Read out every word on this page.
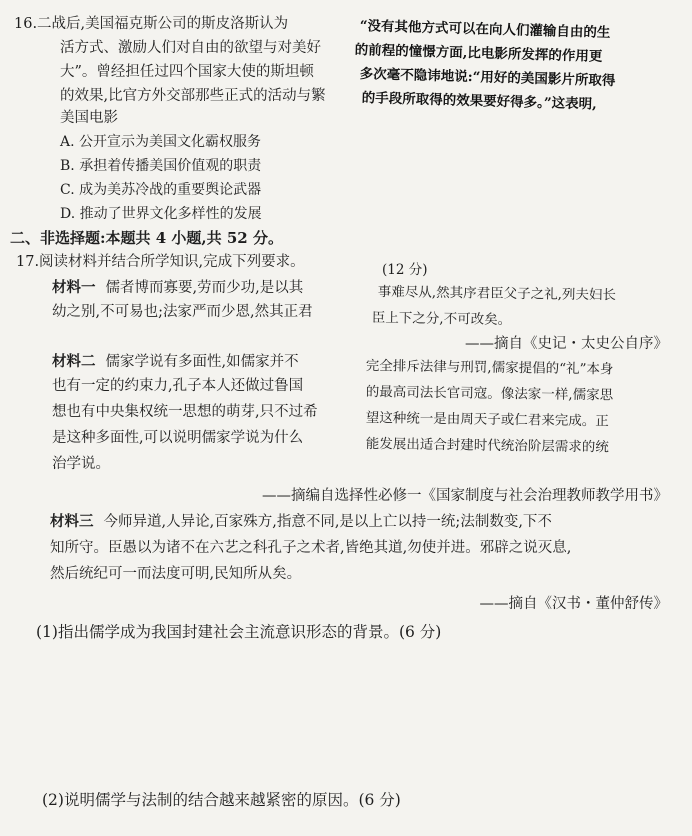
16.二战后,美国福克斯公司的斯皮洛斯认为
活方式、激励人们对自由的欲望与对美好
大”。曾经担任过四个国家大使的斯坦顿
的效果,比官方外交部那些正式的活动与繁
美国电影
“没有其他方式可以在向人们灌输自由的生
的前程的憧憬方面,比电影所发挥的作用更
多次毫不隐讳地说:“用好的美国影片所取得
的手段所取得的效果要好得多。”这表明,
A. 公开宣示为美国文化霸权服务
B. 承担着传播美国价值观的职责
C. 成为美苏冷战的重要舆论武器
D. 推动了世界文化多样性的发展
二、非选择题:本题共 4 小题,共 52 分。
17.阅读材料并结合所学知识,完成下列要求。	(12 分)
材料一 儒者博而寡要,劳而少功,是以其	事难尽从,然其序君臣父子之礼,列夫妇长
幼之别,不可易也;法家严而少恩,然其正君	臣上下之分,不可改矣。
——摘自《史记・太史公自序》
材料二 儒家学说有多面性,如儒家并不	完全排斥法律与刑罚,儒家提倡的“礼”本身
也有一定的约束力,孔子本人还做过鲁国	的最高司法长官司寇。像法家一样,儒家思
想也有中央集权统一思想的萌芽,只不过希	望这种统一是由周天子或仁君来完成。正
是这种多面性,可以说明儒家学说为什么	能发展出适合封建时代统治阶层需求的统
治学说。
——摘编自选择性必修一《国家制度与社会治理教师教学用书》
材料三 今师异道,人异论,百家殊方,指意不同,是以上亡以持一统;法制数变,下不
知所守。臣愚以为诸不在六艺之科孔子之术者,皆绝其道,勿使并进。邪辟之说灭息,
然后统纪可一而法度可明,民知所从矣。
——摘自《汉书・董仲舒传》
(1)指出儒学成为我国封建社会主流意识形态的背景。(6 分)
(2)说明儒学与法制的结合越来越紧密的原因。(6 分)
